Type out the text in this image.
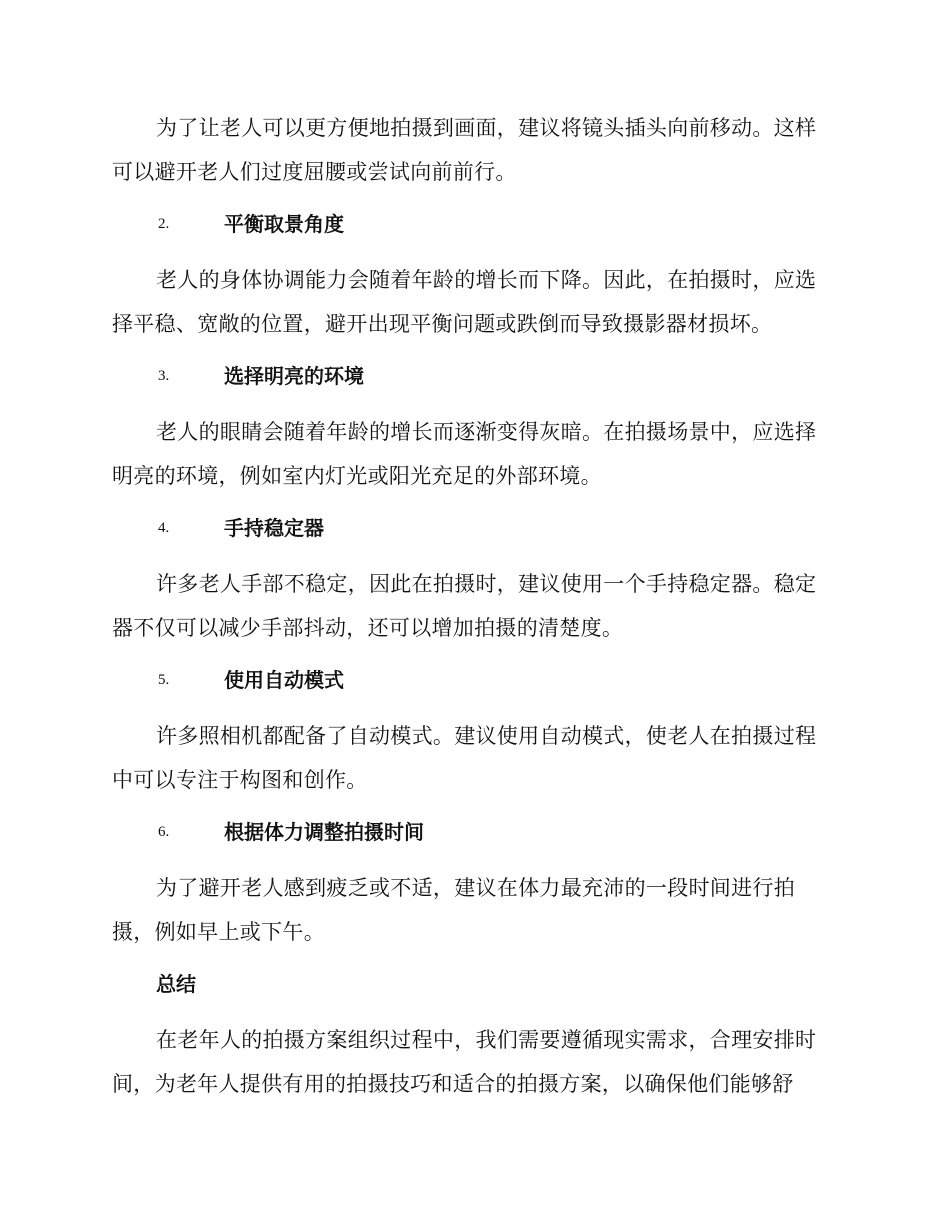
为了让老人可以更方便地拍摄到画面，建议将镜头插头向前移动。这样可以避开老人们过度屈腰或尝试向前前行。

2.	平衡取景角度

老人的身体协调能力会随着年龄的增长而下降。因此，在拍摄时，应选择平稳、宽敞的位置，避开出现平衡问题或跌倒而导致摄影器材损坏。

3.	选择明亮的环境

老人的眼睛会随着年龄的增长而逐渐变得灰暗。在拍摄场景中，应选择明亮的环境，例如室内灯光或阳光充足的外部环境。

4.	手持稳定器

许多老人手部不稳定，因此在拍摄时，建议使用一个手持稳定器。稳定器不仅可以减少手部抖动，还可以增加拍摄的清楚度。

5.	使用自动模式

许多照相机都配备了自动模式。建议使用自动模式，使老人在拍摄过程中可以专注于构图和创作。

6.	根据体力调整拍摄时间

为了避开老人感到疲乏或不适，建议在体力最充沛的一段时间进行拍摄，例如早上或下午。

总结

在老年人的拍摄方案组织过程中，我们需要遵循现实需求，合理安排时间，为老年人提供有用的拍摄技巧和适合的拍摄方案，以确保他们能够舒
